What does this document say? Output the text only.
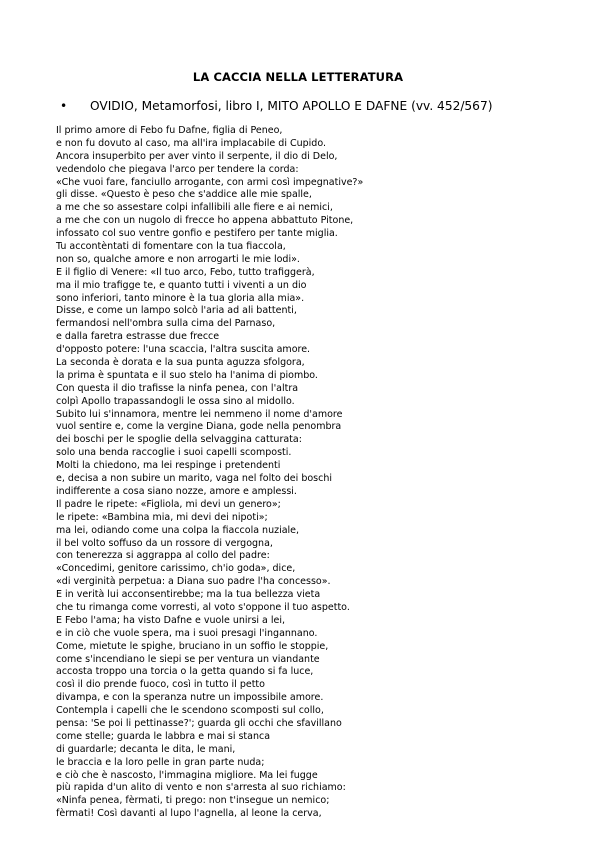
LA CACCIA NELLA LETTERATURA
• OVIDIO, Metamorfosi, libro I, MITO APOLLO E DAFNE (vv. 452/567)
Il primo amore di Febo fu Dafne, figlia di Peneo,
e non fu dovuto al caso, ma all'ira implacabile di Cupido.
Ancora insuperbito per aver vinto il serpente, il dio di Delo,
vedendolo che piegava l'arco per tendere la corda:
«Che vuoi fare, fanciullo arrogante, con armi così impegnative?»
gli disse. «Questo è peso che s'addice alle mie spalle,
a me che so assestare colpi infallibili alle fiere e ai nemici,
a me che con un nugolo di frecce ho appena abbattuto Pitone,
infossato col suo ventre gonfio e pestifero per tante miglia.
Tu accontèntati di fomentare con la tua fiaccola,
non so, qualche amore e non arrogarti le mie lodi».
E il figlio di Venere: «Il tuo arco, Febo, tutto trafiggerà,
ma il mio trafigge te, e quanto tutti i viventi a un dio
sono inferiori, tanto minore è la tua gloria alla mia».
Disse, e come un lampo solcò l'aria ad ali battenti,
fermandosi nell'ombra sulla cima del Parnaso,
e dalla faretra estrasse due frecce
d'opposto potere: l'una scaccia, l'altra suscita amore.
La seconda è dorata e la sua punta aguzza sfolgora,
la prima è spuntata e il suo stelo ha l'anima di piombo.
Con questa il dio trafisse la ninfa penea, con l'altra
colpì Apollo trapassandogli le ossa sino al midollo.
Subito lui s'innamora, mentre lei nemmeno il nome d'amore
vuol sentire e, come la vergine Diana, gode nella penombra
dei boschi per le spoglie della selvaggina catturata:
solo una benda raccoglie i suoi capelli scomposti.
Molti la chiedono, ma lei respinge i pretendenti
e, decisa a non subire un marito, vaga nel folto dei boschi
indifferente a cosa siano nozze, amore e amplessi.
Il padre le ripete: «Figliola, mi devi un genero»;
le ripete: «Bambina mia, mi devi dei nipoti»;
ma lei, odiando come una colpa la fiaccola nuziale,
il bel volto soffuso da un rossore di vergogna,
con tenerezza si aggrappa al collo del padre:
«Concedimi, genitore carissimo, ch'io goda», dice,
«di verginità perpetua: a Diana suo padre l'ha concesso».
E in verità lui acconsentirebbe; ma la tua bellezza vieta
che tu rimanga come vorresti, al voto s'oppone il tuo aspetto.
E Febo l'ama; ha visto Dafne e vuole unirsi a lei,
e in ciò che vuole spera, ma i suoi presagi l'ingannano.
Come, mietute le spighe, bruciano in un soffio le stoppie,
come s'incendiano le siepi se per ventura un viandante
accosta troppo una torcia o la getta quando si fa luce,
così il dio prende fuoco, così in tutto il petto
divampa, e con la speranza nutre un impossibile amore.
Contempla i capelli che le scendono scomposti sul collo,
pensa: 'Se poi li pettinasse?'; guarda gli occhi che sfavillano
come stelle; guarda le labbra e mai si stanca
di guardarle; decanta le dita, le mani,
le braccia e la loro pelle in gran parte nuda;
e ciò che è nascosto, l'immagina migliore. Ma lei fugge
più rapida d'un alito di vento e non s'arresta al suo richiamo:
«Ninfa penea, fèrmati, ti prego: non t'insegue un nemico;
fèrmati! Così davanti al lupo l'agnella, al leone la cerva,
